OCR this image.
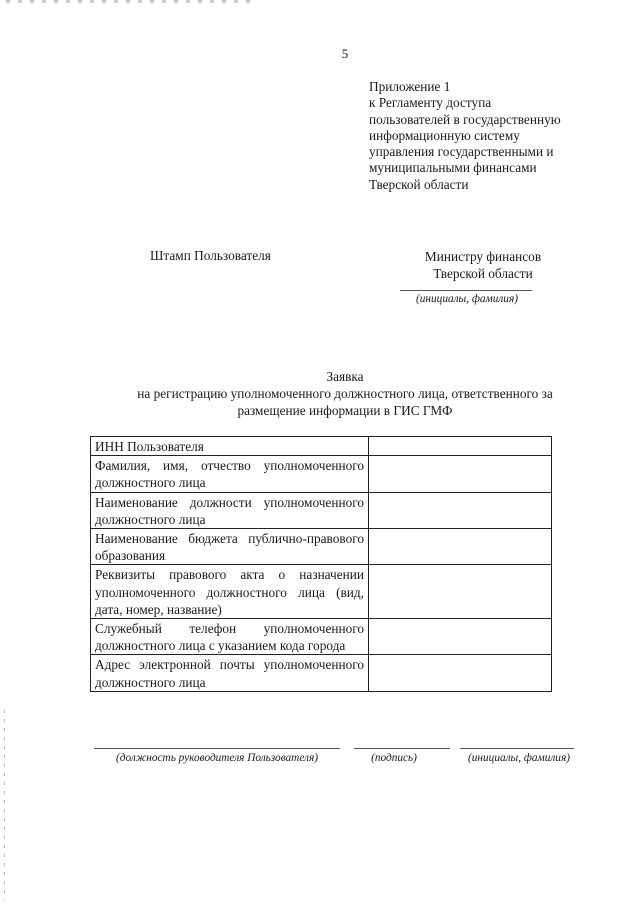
5
Приложение 1
к Регламенту доступа
пользователей в государственную
информационную систему
управления государственными и
муниципальными финансами
Тверской области
Штамп Пользователя	Министру финансов
Тверской области
(инициалы, фамилия)
Заявка
на регистрацию уполномоченного должностного лица, ответственного за
размещение информации в ГИС ГМФ
ИНН Пользователя	
Фамилия, имя, отчество уполномоченного должностного лица	
Наименование должности уполномоченного должностного лица	
Наименование бюджета публично-правового образования	
Реквизиты правового акта о назначении уполномоченного должностного лица (вид, дата, номер, название)	
Служебный телефон уполномоченного должностного лица с указанием кода города	
Адрес электронной почты уполномоченного должностного лица	
(должность руководителя Пользователя)	(подпись)	(инициалы, фамилия)
